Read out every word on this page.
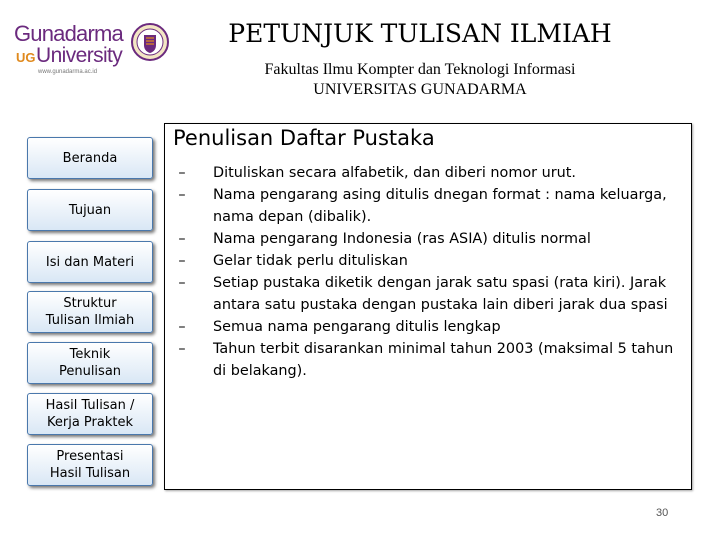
Gunadarma
UG University
www.gunadarma.ac.id
PETUNJUK TULISAN ILMIAH
Fakultas Ilmu Kompter dan Teknologi Informasi
UNIVERSITAS GUNADARMA
Beranda
Tujuan
Isi dan Materi
Struktur
Tulisan Ilmiah
Teknik
Penulisan
Hasil Tulisan /
Kerja Praktek
Presentasi
Hasil Tulisan
Penulisan Daftar Pustaka
–	Dituliskan secara alfabetik, dan diberi nomor urut.
–	Nama pengarang asing ditulis dnegan format : nama keluarga, nama depan (dibalik).
–	Nama pengarang Indonesia (ras ASIA) ditulis normal
–	Gelar tidak perlu dituliskan
–	Setiap pustaka diketik dengan jarak satu spasi (rata kiri). Jarak antara satu pustaka dengan pustaka lain diberi jarak dua spasi
–	Semua nama pengarang ditulis lengkap
–	Tahun terbit disarankan minimal tahun 2003 (maksimal 5 tahun di belakang).
30
